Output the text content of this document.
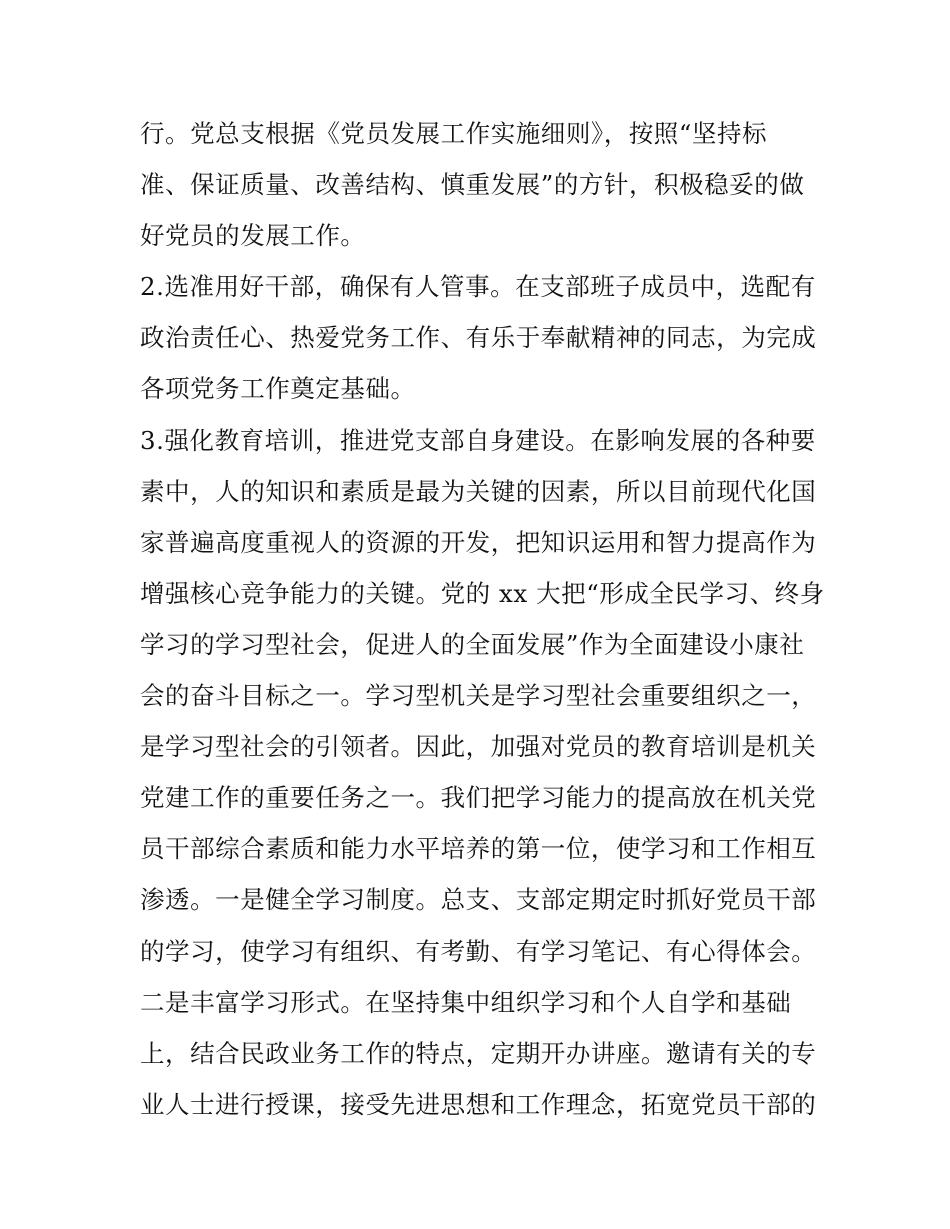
行。党总支根据《党员发展工作实施细则》，按照“坚持标
准、保证质量、改善结构、慎重发展”的方针，积极稳妥的做
好党员的发展工作。
2.选准用好干部，确保有人管事。在支部班子成员中，选配有
政治责任心、热爱党务工作、有乐于奉献精神的同志，为完成
各项党务工作奠定基础。
3.强化教育培训，推进党支部自身建设。在影响发展的各种要
素中，人的知识和素质是最为关键的因素，所以目前现代化国
家普遍高度重视人的资源的开发，把知识运用和智力提高作为
增强核心竞争能力的关键。党的 xx 大把“形成全民学习、终身
学习的学习型社会，促进人的全面发展”作为全面建设小康社
会的奋斗目标之一。学习型机关是学习型社会重要组织之一，
是学习型社会的引领者。因此，加强对党员的教育培训是机关
党建工作的重要任务之一。我们把学习能力的提高放在机关党
员干部综合素质和能力水平培养的第一位，使学习和工作相互
渗透。一是健全学习制度。总支、支部定期定时抓好党员干部
的学习，使学习有组织、有考勤、有学习笔记、有心得体会。
二是丰富学习形式。在坚持集中组织学习和个人自学和基础
上，结合民政业务工作的特点，定期开办讲座。邀请有关的专
业人士进行授课，接受先进思想和工作理念，拓宽党员干部的
